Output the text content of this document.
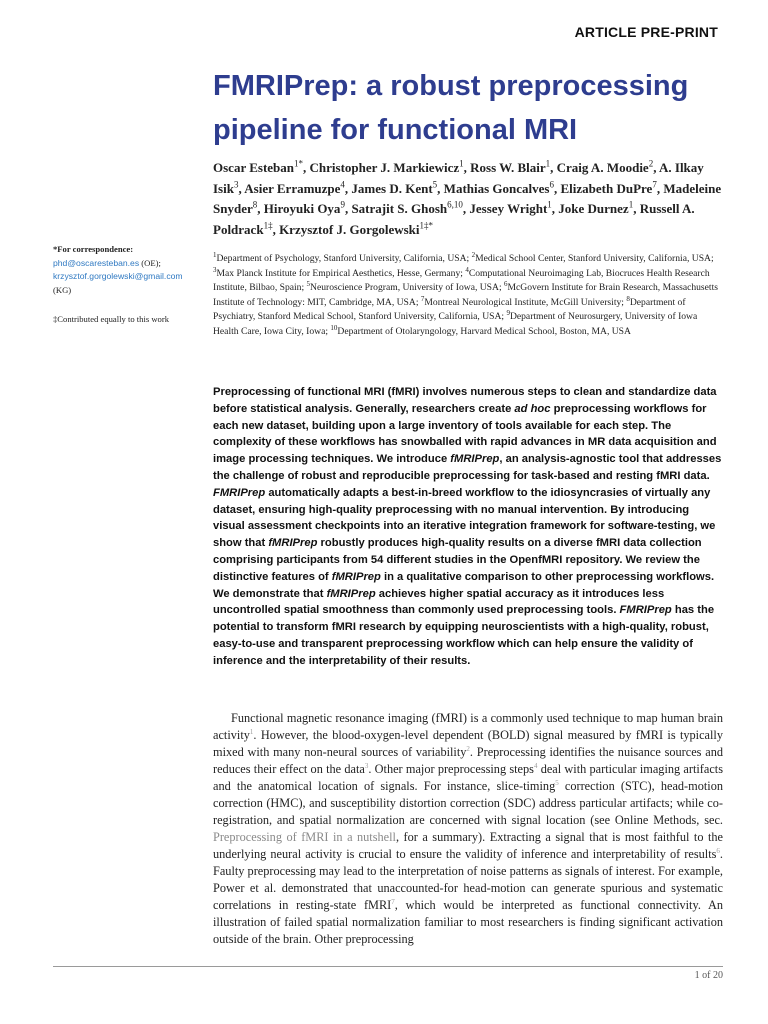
ARTICLE PRE-PRINT
FMRIPrep: a robust preprocessing
pipeline for functional MRI
Oscar Esteban$^{1*}$, Christopher J. Markiewicz$^1$, Ross W. Blair$^1$, Craig A. Moodie$^2$, A. Ilkay Isik$^3$, Asier Erramuzpe$^4$, James D. Kent$^5$, Mathias Goncalves$^6$, Elizabeth DuPre$^7$, Madeleine Snyder$^8$, Hiroyuki Oya$^9$, Satrajit S. Ghosh$^{6,10}$, Jessey Wright$^1$, Joke Durnez$^1$, Russell A. Poldrack$^{1\ddagger}$, Krzysztof J. Gorgolewski$^{1\ddagger*}$
*For correspondence:
phd@oscaresteban.es (OE);
krzysztof.gorgolewski@gmail.com
(KG)
‡Contributed equally to this work
$^1$Department of Psychology, Stanford University, California, USA; $^2$Medical School Center, Stanford University, California, USA; $^3$Max Planck Institute for Empirical Aesthetics, Hesse, Germany; $^4$Computational Neuroimaging Lab, Biocruces Health Research Institute, Bilbao, Spain; $^5$Neuroscience Program, University of Iowa, USA; $^6$McGovern Institute for Brain Research, Massachusetts Institute of Technology: MIT, Cambridge, MA, USA; $^7$Montreal Neurological Institute, McGill University; $^8$Department of Psychiatry, Stanford Medical School, Stanford University, California, USA; $^9$Department of Neurosurgery, University of Iowa Health Care, Iowa City, Iowa; $^{10}$Department of Otolaryngology, Harvard Medical School, Boston, MA, USA
Preprocessing of functional MRI (fMRI) involves numerous steps to clean and standardize data before statistical analysis. Generally, researchers create ad hoc preprocessing workflows for each new dataset, building upon a large inventory of tools available for each step. The complexity of these workflows has snowballed with rapid advances in MR data acquisition and image processing techniques. We introduce fMRIPrep, an analysis-agnostic tool that addresses the challenge of robust and reproducible preprocessing for task-based and resting fMRI data. FMRIPrep automatically adapts a best-in-breed workflow to the idiosyncrasies of virtually any dataset, ensuring high-quality preprocessing with no manual intervention. By introducing visual assessment checkpoints into an iterative integration framework for software-testing, we show that fMRIPrep robustly produces high-quality results on a diverse fMRI data collection comprising participants from 54 different studies in the OpenfMRI repository. We review the distinctive features of fMRIPrep in a qualitative comparison to other preprocessing workflows. We demonstrate that fMRIPrep achieves higher spatial accuracy as it introduces less uncontrolled spatial smoothness than commonly used preprocessing tools. FMRIPrep has the potential to transform fMRI research by equipping neuroscientists with a high-quality, robust, easy-to-use and transparent preprocessing workflow which can help ensure the validity of inference and the interpretability of their results.
Functional magnetic resonance imaging (fMRI) is a commonly used technique to map human brain activity$^1$. However, the blood-oxygen-level dependent (BOLD) signal measured by fMRI is typically mixed with many non-neural sources of variability$^2$. Preprocessing identifies the nuisance sources and reduces their effect on the data$^3$. Other major preprocessing steps$^4$ deal with particular imaging artifacts and the anatomical location of signals. For instance, slice-timing$^5$ correction (STC), head-motion correction (HMC), and susceptibility distortion correction (SDC) address particular artifacts; while co-registration, and spatial normalization are concerned with signal location (see Online Methods, sec. Preprocessing of fMRI in a nutshell, for a summary). Extracting a signal that is most faithful to the underlying neural activity is crucial to ensure the validity of inference and interpretability of results$^6$. Faulty preprocessing may lead to the interpretation of noise patterns as signals of interest. For example, Power et al. demonstrated that unaccounted-for head-motion can generate spurious and systematic correlations in resting-state fMRI$^7$, which would be interpreted as functional connectivity. An illustration of failed spatial normalization familiar to most researchers is finding significant activation outside of the brain. Other preprocessing
1 of 20
